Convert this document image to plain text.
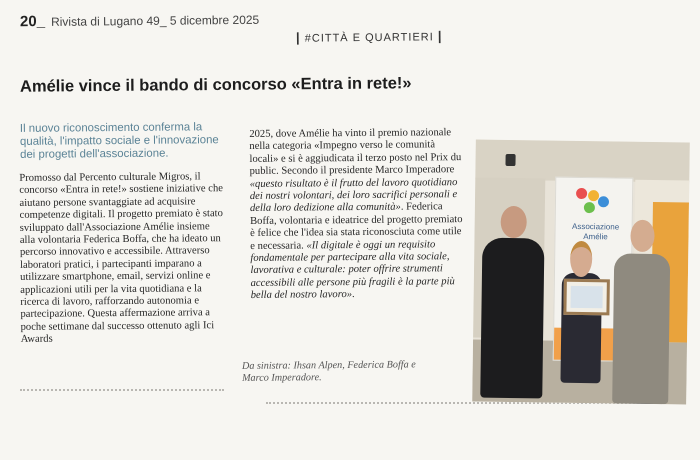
20_ Rivista di Lugano 49_ 5 dicembre 2025
| #CITTÀ E QUARTIERI |
Amélie vince il bando di concorso «Entra in rete!»
Il nuovo riconoscimento conferma la qualità, l'impatto sociale e l'innovazione dei progetti dell'associazione.

Promosso dal Percento culturale Migros, il concorso «Entra in rete!» sostiene iniziative che aiutano persone svantaggiate ad acquisire competenze digitali. Il progetto premiato è stato sviluppato dall'Associazione Amélie insieme alla volontaria Federica Boffa, che ha ideato un percorso innovativo e accessibile. Attraverso laboratori pratici, i partecipanti imparano a utilizzare smartphone, email, servizi online e applicazioni utili per la vita quotidiana e la ricerca di lavoro, rafforzando autonomia e partecipazione. Questa affermazione arriva a poche settimane dal successo ottenuto agli Ici Awards

2025, dove Amélie ha vinto il premio nazionale nella categoria «Impegno verso le comunità locali» e si è aggiudicata il terzo posto nel Prix du public. Secondo il presidente Marco Imperadore «questo risultato è il frutto del lavoro quotidiano dei nostri volontari, dei loro sacrifici personali e della loro dedizione alla comunità». Federica Boffa, volontaria e ideatrice del progetto premiato è felice che l'idea sia stata riconosciuta come utile e necessaria. «Il digitale è oggi un requisito fondamentale per partecipare alla vita sociale, lavorativa e culturale: poter offrire strumenti accessibili alle persone più fragili è la parte più bella del nostro lavoro».

Da sinistra: Ihsan Alpen, Federica Boffa e Marco Imperadore.
Associazione Amélie
